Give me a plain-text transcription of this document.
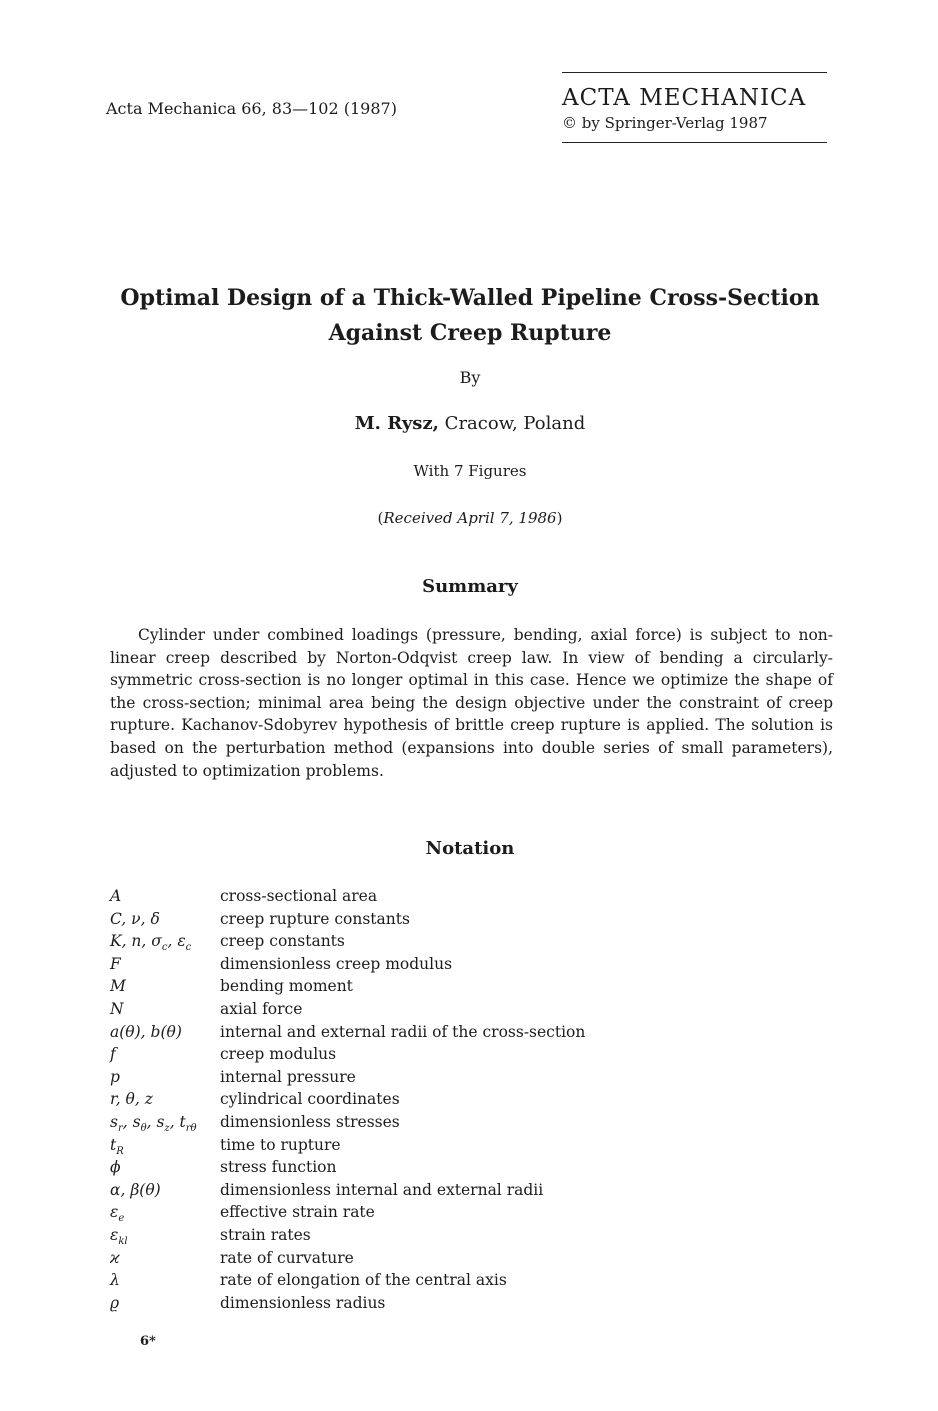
Acta Mechanica 66, 83—102 (1987)	ACTA MECHANICA
© by Springer-Verlag 1987
Optimal Design of a Thick-Walled Pipeline Cross-Section
Against Creep Rupture
By
M. Rysz, Cracow, Poland
With 7 Figures
(Received April 7, 1986)
Summary
Cylinder under combined loadings (pressure, bending, axial force) is subject to non-linear creep described by Norton-Odqvist creep law. In view of bending a circularly-symmetric cross-section is no longer optimal in this case. Hence we optimize the shape of the cross-section; minimal area being the design objective under the constraint of creep rupture. Kachanov-Sdobyrev hypothesis of brittle creep rupture is applied. The solution is based on the perturbation method (expansions into double series of small parameters), adjusted to optimization problems.
Notation
A	cross-sectional area
C, ν, δ	creep rupture constants
K, n, $\sigma_c$, $\varepsilon_c$	creep constants
F	dimensionless creep modulus
M	bending moment
N	axial force
a(θ), b(θ)	internal and external radii of the cross-section
f	creep modulus
p	internal pressure
r, θ, z	cylindrical coordinates
$s_r$, $s_\theta$, $s_z$, $t_{r\theta}$	dimensionless stresses
$t_R$	time to rupture
ϕ	stress function
α, β(θ)	dimensionless internal and external radii
$\varepsilon_e$	effective strain rate
$\varepsilon_{kl}$	strain rates
ϰ	rate of curvature
λ	rate of elongation of the central axis
ϱ	dimensionless radius
6*
